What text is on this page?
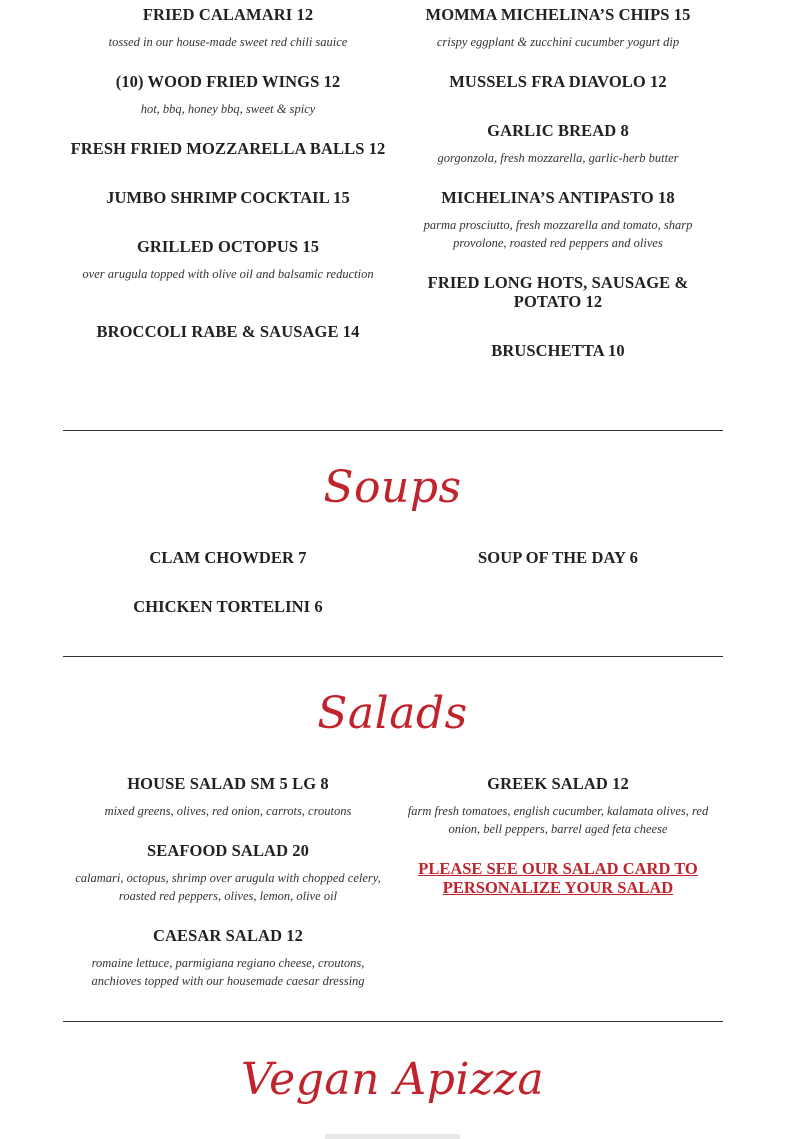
FRIED CALAMARI 12
tossed in our house-made sweet red chili sauice
(10) WOOD FRIED WINGS 12
hot, bbq, honey bbq, sweet & spicy
FRESH FRIED MOZZARELLA BALLS 12
JUMBO SHRIMP COCKTAIL 15
GRILLED OCTOPUS 15
over arugula topped with olive oil and balsamic reduction
BROCCOLI RABE & SAUSAGE 14
MOMMA MICHELINA’S CHIPS 15
crispy eggplant & zucchini cucumber yogurt dip
MUSSELS FRA DIAVOLO 12
GARLIC BREAD 8
gorgonzola, fresh mozzarella, garlic-herb butter
MICHELINA’S ANTIPASTO 18
parma prosciutto, fresh mozzarella and tomato, sharp provolone, roasted red peppers and olives
FRIED LONG HOTS, SAUSAGE & POTATO 12
BRUSCHETTA 10
Soups
CLAM CHOWDER 7
CHICKEN TORTELINI 6
SOUP OF THE DAY 6
Salads
HOUSE SALAD SM 5 LG 8
mixed greens, olives, red onion, carrots, croutons
SEAFOOD SALAD 20
calamari, octopus, shrimp over arugula with chopped celery, roasted red peppers, olives, lemon, olive oil
CAESAR SALAD 12
romaine lettuce, parmigiana regiano cheese, croutons, anchioves topped with our housemade caesar dressing
GREEK SALAD 12
farm fresh tomatoes, english cucumber, kalamata olives, red onion, bell peppers, barrel aged feta cheese
PLEASE SEE OUR SALAD CARD TO PERSONALIZE YOUR SALAD
Vegan Apizza
